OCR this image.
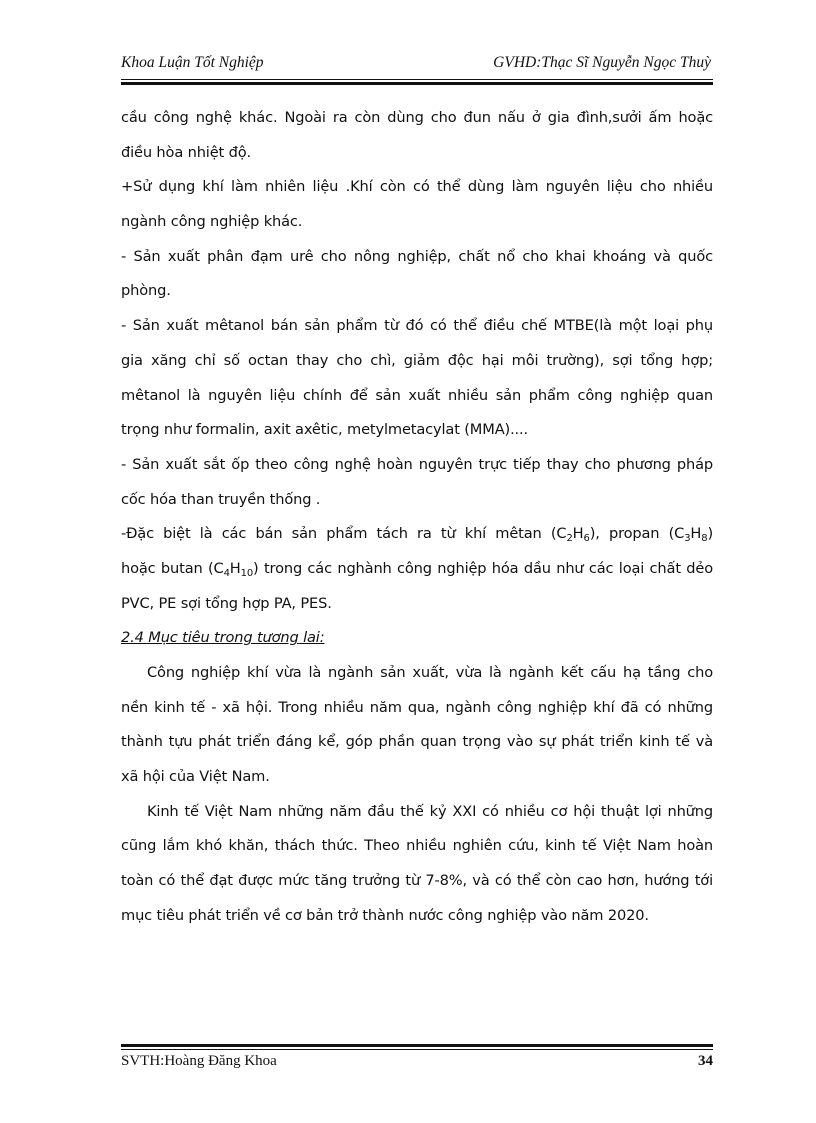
Khoa Luận Tốt Nghiệp	GVHD:Thạc Sĩ Nguyễn Ngọc Thuỳ
cầu công nghệ khác. Ngoài ra còn dùng cho đun nấu ở gia đình,sưởi ấm hoặc
điều hòa nhiệt độ.
+Sử dụng khí làm nhiên liệu .Khí còn có thể dùng làm nguyên liệu cho nhiều
ngành công nghiệp khác.
- Sản xuất phân đạm urê cho nông nghiệp, chất nổ cho khai khoáng và quốc
phòng.
- Sản xuất mêtanol bán sản phẩm từ đó có thể điều chế MTBE(là một loại phụ
gia xăng chỉ số octan thay cho chì, giảm độc hại môi trường), sợi tổng hợp;
mêtanol là nguyên liệu chính để sản xuất nhiều sản phẩm công nghiệp quan
trọng như formalin, axit axêtic, metylmetacylat (MMA)....
- Sản xuất sắt ốp theo công nghệ hoàn nguyên trực tiếp thay cho phương pháp
cốc hóa than truyền thống .
-Đặc biệt là các bán sản phẩm tách ra từ khí mêtan $(C_2H_6)$, propan $(C_3H_8)$
hoặc butan $(C_4H_{10})$ trong các nghành công nghiệp hóa dầu như các loại chất dẻo
PVC, PE sợi tổng hợp PA, PES.
2.4 Mục tiêu trong tương lai:
Công nghiệp khí vừa là ngành sản xuất, vừa là ngành kết cấu hạ tầng cho
nền kinh tế - xã hội. Trong nhiều năm qua, ngành công nghiệp khí đã có những
thành tựu phát triển đáng kể, góp phần quan trọng vào sự phát triển kinh tế và
xã hội của Việt Nam.
Kinh tế Việt Nam những năm đầu thế kỷ XXI có nhiều cơ hội thuật lợi những
cũng lắm khó khăn, thách thức. Theo nhiều nghiên cứu, kinh tế Việt Nam hoàn
toàn có thể đạt được mức tăng trưởng từ 7-8%, và có thể còn cao hơn, hướng tới
mục tiêu phát triển về cơ bản trở thành nước công nghiệp vào năm 2020.
SVTH:Hoàng Đăng Khoa	34
